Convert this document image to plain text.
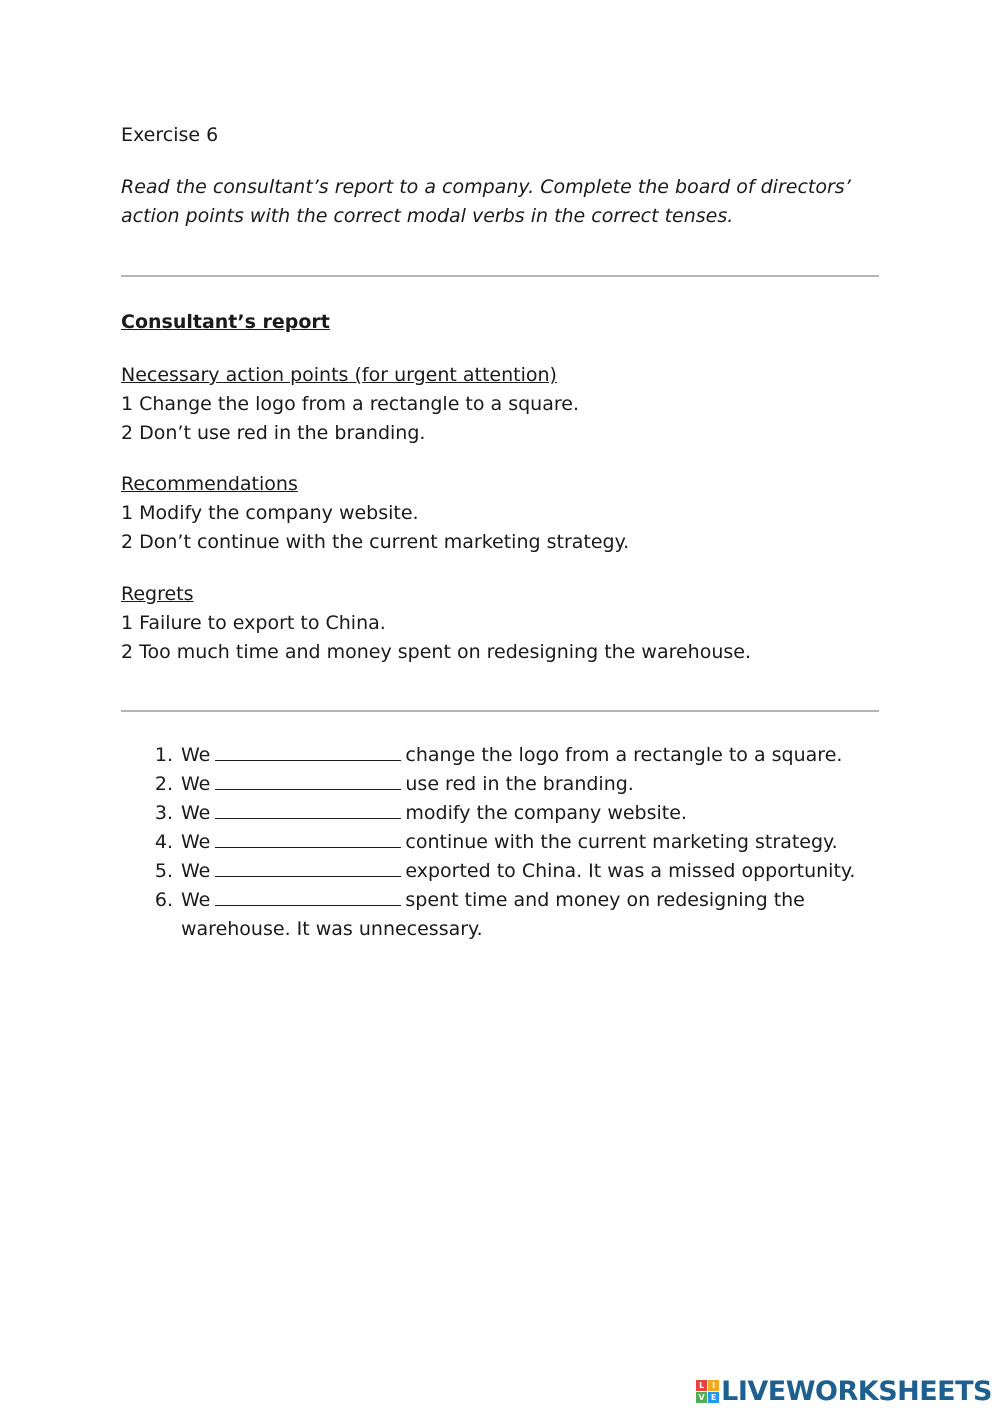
Exercise 6

Read the consultant’s report to a company. Complete the board of directors’ action points with the correct modal verbs in the correct tenses.

Consultant’s report

Necessary action points (for urgent attention)

1 Change the logo from a rectangle to a square.

2 Don’t use red in the branding.

Recommendations

1 Modify the company website.

2 Don’t continue with the current marketing strategy.

Regrets

1 Failure to export to China.

2 Too much time and money spent on redesigning the warehouse.

1. We	change the logo from a rectangle to a square.
2. We	use red in the branding.
3. We	modify the company website.
4. We	continue with the current marketing strategy.
5. We	exported to China. It was a missed opportunity.
6. We	spent time and money on redesigning the warehouse. It was unnecessary.
L I
V E LIVEWORKSHEETS
